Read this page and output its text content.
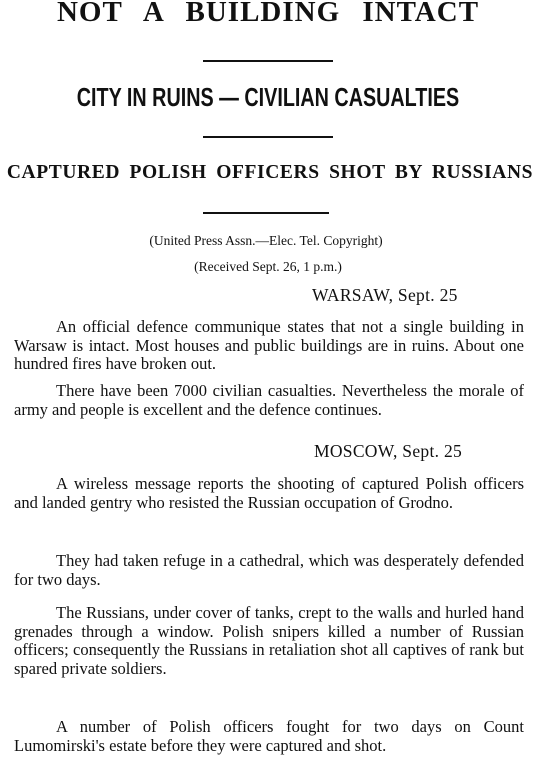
NOT A BUILDING INTACT
CITY IN RUINS — CIVILIAN CASUALTIES
CAPTURED POLISH OFFICERS SHOT BY RUSSIANS

(United Press Assn.—Elec. Tel. Copyright)

(Received Sept. 26, 1 p.m.)

WARSAW, Sept. 25

An official defence communique states that not a single building in Warsaw is intact. Most houses and public buildings are in ruins. About one hundred fires have broken out.

There have been 7000 civilian casualties. Nevertheless the morale of army and people is excellent and the defence continues.

MOSCOW, Sept. 25

A wireless message reports the shooting of captured Polish officers and landed gentry who resisted the Russian occupation of Grodno.

They had taken refuge in a cathedral, which was desperately defended for two days.

The Russians, under cover of tanks, crept to the walls and hurled hand grenades through a window. Polish snipers killed a number of Russian officers; consequently the Russians in retaliation shot all captives of rank but spared private soldiers.

A number of Polish officers fought for two days on Count Lumomirski's estate before they were captured and shot.
